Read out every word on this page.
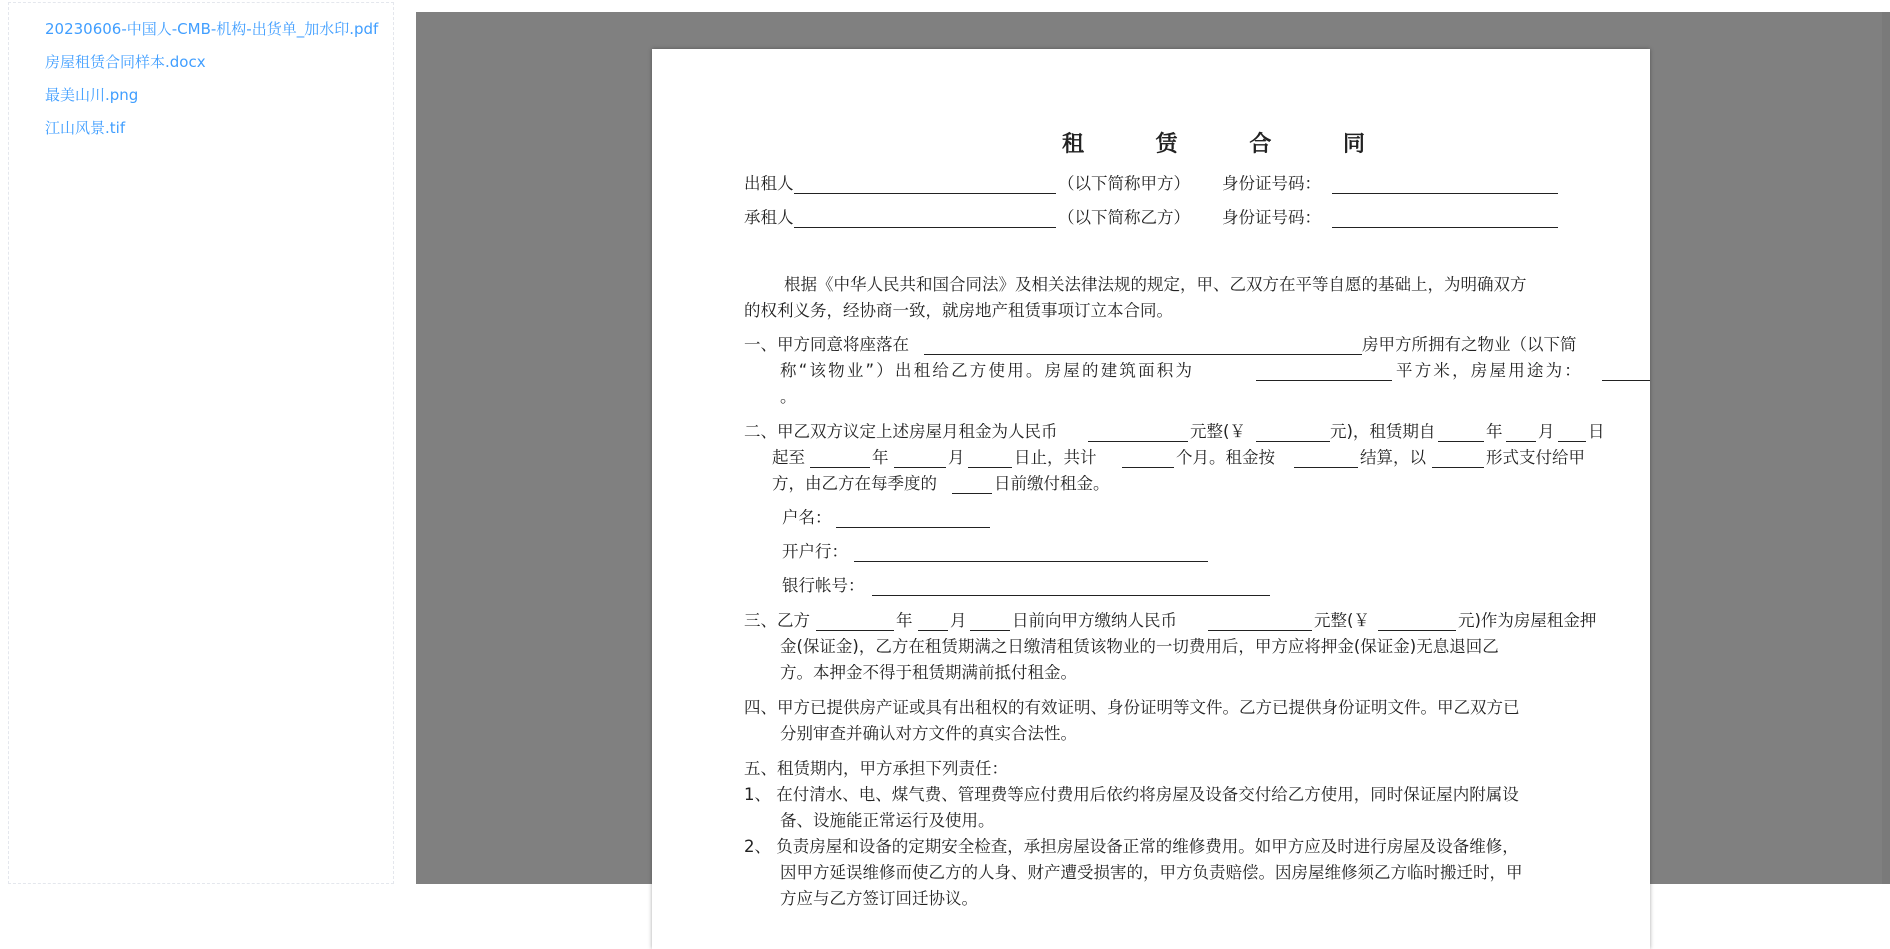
20230606-中国人-CMB-机构-出货单_加水印.pdf
房屋租赁合同样本.docx
最美山川.png
江山风景.tif
租 赁 合 同
出租人	（以下简称甲方） 身份证号码：
承租人	（以下简称乙方） 身份证号码：
根据《中华人民共和国合同法》及相关法律法规的规定，甲、乙双方在平等自愿的基础上，为明确双方
的权利义务，经协商一致，就房地产租赁事项订立本合同。
一、甲方同意将座落在	房甲方所拥有之物业（以下简
称“该物业”）出租给乙方使用。房屋的建筑面积为	平方米，房屋用途为：
。
二、甲乙双方议定上述房屋月租金为人民币	元整(￥	元)，租赁期自	年 月 日
起至	年	月	日止，共计	个月。租金按	结算，以	形式支付给甲
方，由乙方在每季度的	日前缴付租金。
户名：
开户行：
银行帐号：
三、乙方	年 月	日前向甲方缴纳人民币	元整(￥	元)作为房屋租金押
金(保证金)，乙方在租赁期满之日缴清租赁该物业的一切费用后，甲方应将押金(保证金)无息退回乙
方。本押金不得于租赁期满前抵付租金。
四、甲方已提供房产证或具有出租权的有效证明、身份证明等文件。乙方已提供身份证明文件。甲乙双方已
分别审查并确认对方文件的真实合法性。
五、租赁期内，甲方承担下列责任：
1、 在付清水、电、煤气费、管理费等应付费用后依约将房屋及设备交付给乙方使用，同时保证屋内附属设
备、设施能正常运行及使用。
2、 负责房屋和设备的定期安全检查，承担房屋设备正常的维修费用。如甲方应及时进行房屋及设备维修，
因甲方延误维修而使乙方的人身、财产遭受损害的，甲方负责赔偿。因房屋维修须乙方临时搬迁时，甲
方应与乙方签订回迁协议。
